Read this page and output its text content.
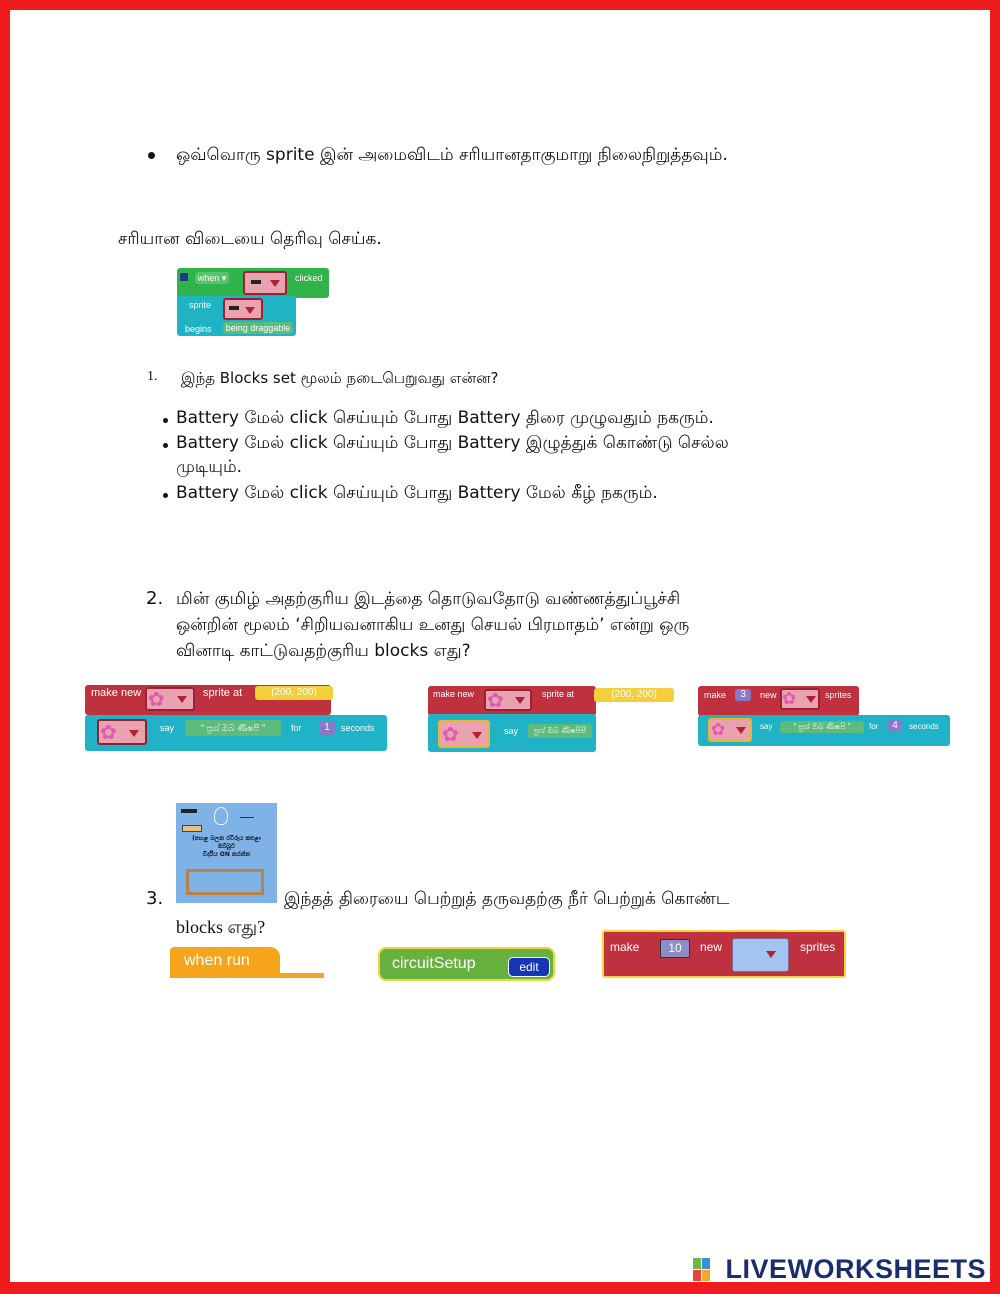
ஒவ்வொரு sprite இன் அமைவிடம் சரியானதாகுமாறு நிலைநிறுத்தவும்.
சரியான விடையை தெரிவு செய்க.
when ▾	clicked
sprite
begins	being draggable
1. இந்த Blocks set மூலம் நடைபெறுவது என்ன?
Battery மேல் click செய்யும் போது Battery திரை முழுவதும் நகரும்.
Battery மேல் click செய்யும் போது Battery இழுத்துக் கொண்டு செல்ல
முடியும்.
Battery மேல் click செய்யும் போது Battery மேல் கீழ் நகரும்.
2. மின் குமிழ் அதற்குரிய இடத்தை தொடுவதோடு வண்ணத்துப்பூச்சி
ஒன்றின் மூலம் ‘சிறியவனாகிய உனது செயல் பிரமாதம்’ என்று ஒரு
வினாடி காட்டுவதற்குரிய blocks எது?
make new ✿	sprite at	(200, 200)
✿	say	“ ප්‍රශ් ඔබ ණිෂපි ”	for	1	seconds
make new ✿	sprite at	(200, 200)
✿	say	ප්‍රශ් ඔබ ණිෂපිපි
make	3	new ✿	sprites
✿	say	“ ප්‍රශ් ඔබ ණිෂපි ”	for	4	seconds
(පහළ බලන රවිරුය කළුළා
ඔබ්බුට
විර්දිය ON කරන්න
3.	இந்தத் திரையை பெற்றுத் தருவதற்கு நீர் பெற்றுக் கொண்ட
blocks எது?
when run	circuitSetup	edit
make	10	new	sprites
LIVEWORKSHEETS
